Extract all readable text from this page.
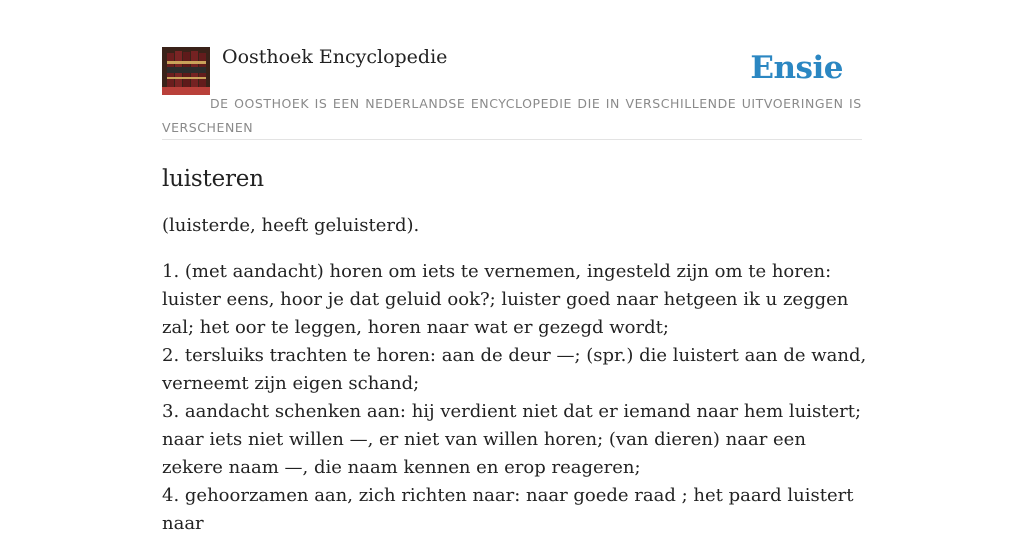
Oosthoek Encyclopedie	Ensie
DE OOSTHOEK IS EEN NEDERLANDSE ENCYCLOPEDIE DIE IN VERSCHILLENDE UITVOERINGEN IS VERSCHENEN
luisteren

(luisterde, heeft geluisterd).

1. (met aandacht) horen om iets te vernemen, ingesteld zijn om te horen: luister eens, hoor je dat geluid ook?; luister goed naar hetgeen ik u zeggen zal; het oor te leggen, horen naar wat er gezegd wordt;
2. tersluiks trachten te horen: aan de deur —; (spr.) die luistert aan de wand, verneemt zijn eigen schand;
3. aandacht schenken aan: hij verdient niet dat er iemand naar hem luistert; naar iets niet willen —, er niet van willen horen; (van dieren) naar een zekere naam —, die naam kennen en erop reageren;
4. gehoorzamen aan, zich richten naar: naar goede raad ; het paard luistert naar
